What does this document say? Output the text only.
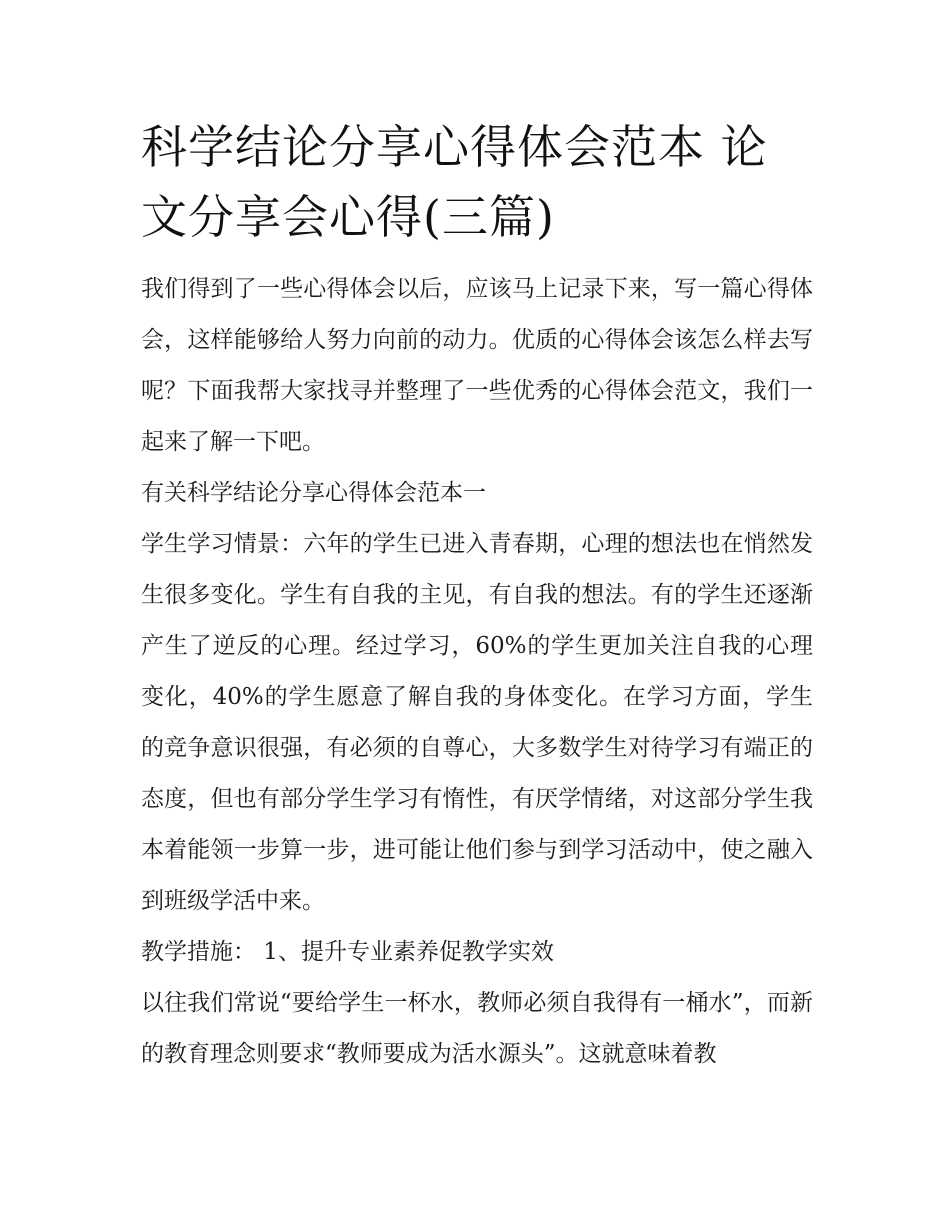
科学结论分享心得体会范本 论文分享会心得(三篇)

我们得到了一些心得体会以后，应该马上记录下来，写一篇心得体会，这样能够给人努力向前的动力。优质的心得体会该怎么样去写呢？下面我帮大家找寻并整理了一些优秀的心得体会范文，我们一起来了解一下吧。

有关科学结论分享心得体会范本一

学生学习情景：六年的学生已进入青春期，心理的想法也在悄然发生很多变化。学生有自我的主见，有自我的想法。有的学生还逐渐产生了逆反的心理。经过学习，60%的学生更加关注自我的心理变化，40%的学生愿意了解自我的身体变化。在学习方面，学生的竞争意识很强，有必须的自尊心，大多数学生对待学习有端正的态度，但也有部分学生学习有惰性，有厌学情绪，对这部分学生我本着能领一步算一步，进可能让他们参与到学习活动中，使之融入到班级学活中来。

教学措施： 1、提升专业素养促教学实效

以往我们常说“要给学生一杯水，教师必须自我得有一桶水”，而新的教育理念则要求“教师要成为活水源头”。这就意味着教
